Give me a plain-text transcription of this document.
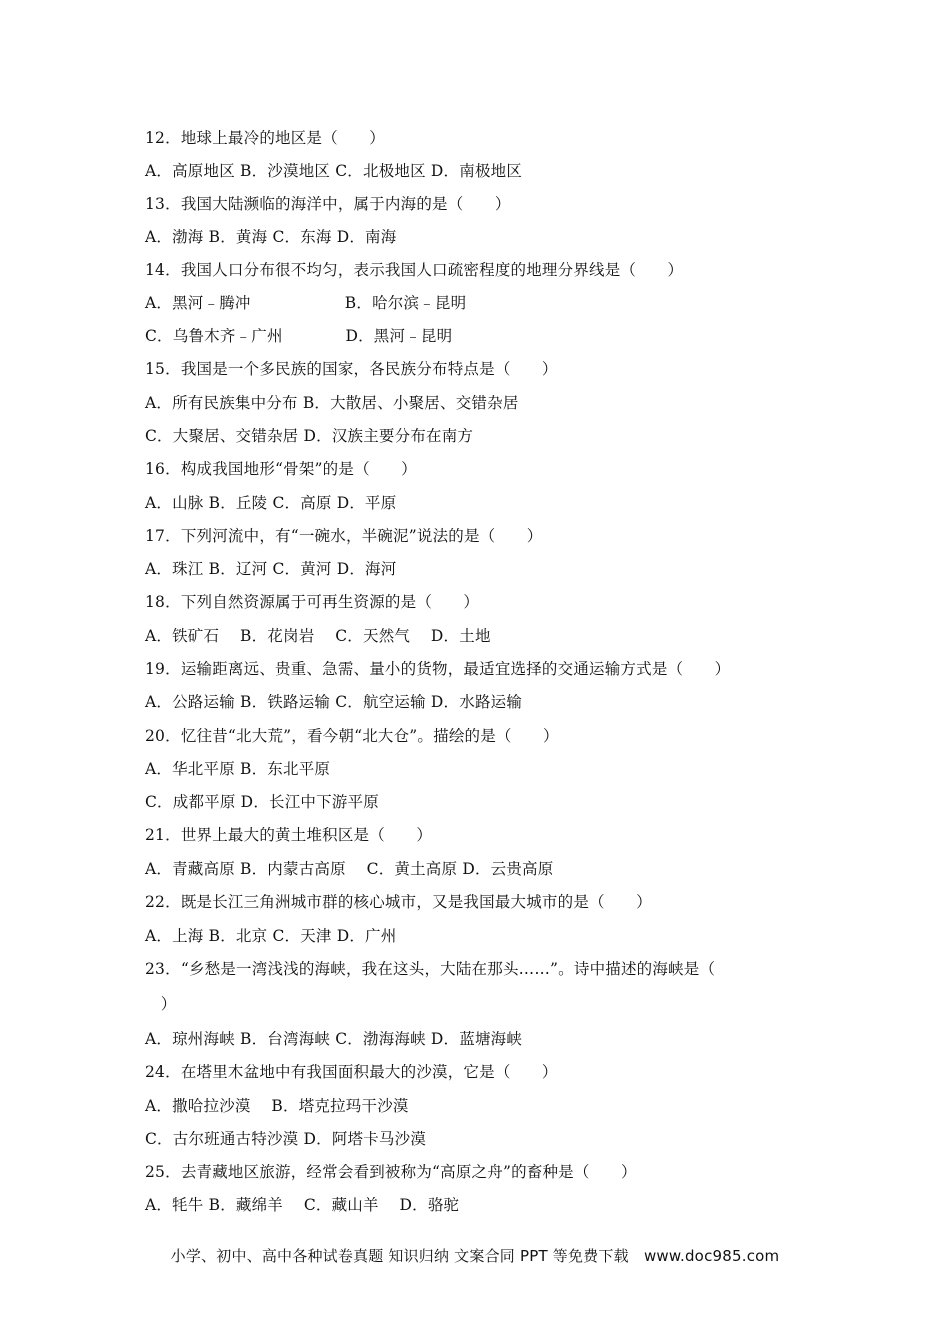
12．地球上最冷的地区是（　　）
A．高原地区 B．沙漠地区 C．北极地区 D．南极地区
13．我国大陆濒临的海洋中，属于内海的是（　　）
A．渤海 B．黄海 C．东海 D．南海
14．我国人口分布很不均匀，表示我国人口疏密程度的地理分界线是（　　）
A．黑河﹣腾冲　　　　　　B．哈尔滨﹣昆明
C．乌鲁木齐﹣广州　　　　D．黑河﹣昆明
15．我国是一个多民族的国家，各民族分布特点是（　　）
A．所有民族集中分布 B．大散居、小聚居、交错杂居
C．大聚居、交错杂居 D．汉族主要分布在南方
16．构成我国地形“骨架”的是（　　）
A．山脉 B．丘陵 C．高原 D．平原
17．下列河流中，有“一碗水，半碗泥”说法的是（　　）
A．珠江 B．辽河 C．黄河 D．海河
18．下列自然资源属于可再生资源的是（　　）
A．铁矿石　 B．花岗岩　 C．天然气　 D．土地
19．运输距离远、贵重、急需、量小的货物，最适宜选择的交通运输方式是（　　）
A．公路运输 B．铁路运输 C．航空运输 D．水路运输
20．忆往昔“北大荒”，看今朝“北大仓”。描绘的是（　　）
A．华北平原 B．东北平原
C．成都平原 D．长江中下游平原
21．世界上最大的黄土堆积区是（　　）
A．青藏高原 B．内蒙古高原　 C．黄土高原 D．云贵高原
22．既是长江三角洲城市群的核心城市，又是我国最大城市的是（　　）
A．上海 B．北京 C．天津 D．广州
23．“乡愁是一湾浅浅的海峡，我在这头，大陆在那头……”。诗中描述的海峡是（
　）
A．琼州海峡 B．台湾海峡 C．渤海海峡 D．蓝塘海峡
24．在塔里木盆地中有我国面积最大的沙漠，它是（　　）
A．撒哈拉沙漠　 B．塔克拉玛干沙漠
C．古尔班通古特沙漠 D．阿塔卡马沙漠
25．去青藏地区旅游，经常会看到被称为“高原之舟”的畜种是（　　）
A．牦牛 B．藏绵羊　 C．藏山羊　 D．骆驼
小学、初中、高中各种试卷真题 知识归纳 文案合同 PPT 等免费下载　www.doc985.com
